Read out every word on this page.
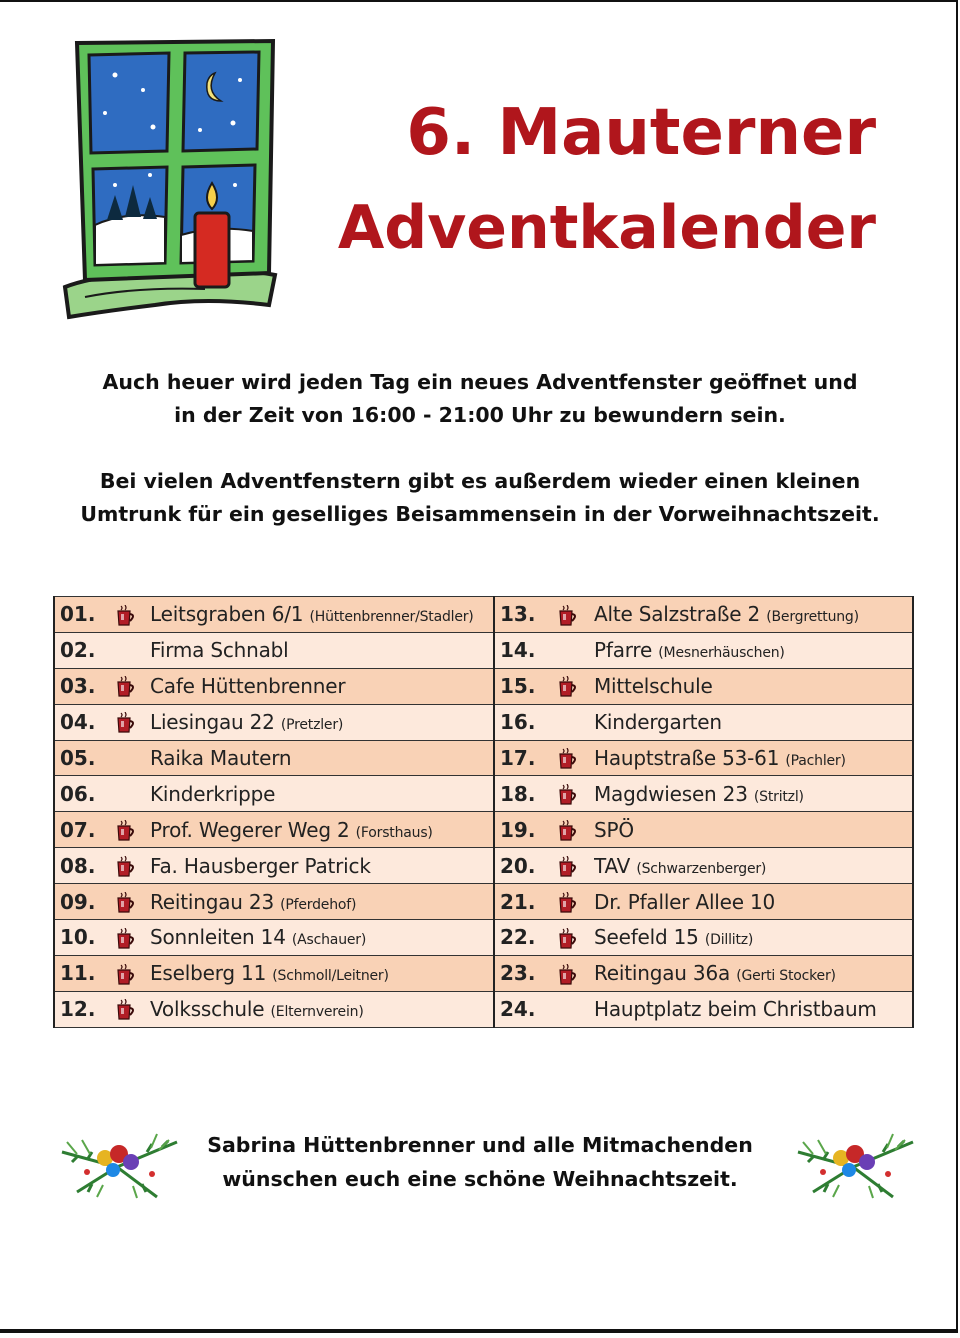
6. Mauterner
Adventkalender
Auch heuer wird jeden Tag ein neues Adventfenster geöffnet und
in der Zeit von 16:00 - 21:00 Uhr zu bewundern sein.
Bei vielen Adventfenstern gibt es außerdem wieder einen kleinen
Umtrunk für ein geselliges Beisammensein in der Vorweihnachtszeit.
01.		Leitsgraben 6/1 (Hüttenbrenner/Stadler)	13.		Alte Salzstraße 2 (Bergrettung)
02.		Firma Schnabl	14.		Pfarre (Mesnerhäuschen)
03.		Cafe Hüttenbrenner	15.		Mittelschule
04.		Liesingau 22 (Pretzler)	16.		Kindergarten
05.		Raika Mautern	17.		Hauptstraße 53-61 (Pachler)
06.		Kinderkrippe	18.		Magdwiesen 23 (Stritzl)
07.		Prof. Wegerer Weg 2 (Forsthaus)	19.		SPÖ
08.		Fa. Hausberger Patrick	20.		TAV (Schwarzenberger)
09.		Reitingau 23 (Pferdehof)	21.		Dr. Pfaller Allee 10
10.		Sonnleiten 14 (Aschauer)	22.		Seefeld 15 (Dillitz)
11.		Eselberg 11 (Schmoll/Leitner)	23.		Reitingau 36a (Gerti Stocker)
12.		Volksschule (Elternverein)	24.		Hauptplatz beim Christbaum
Sabrina Hüttenbrenner und alle Mitmachenden
wünschen euch eine schöne Weihnachtszeit.
